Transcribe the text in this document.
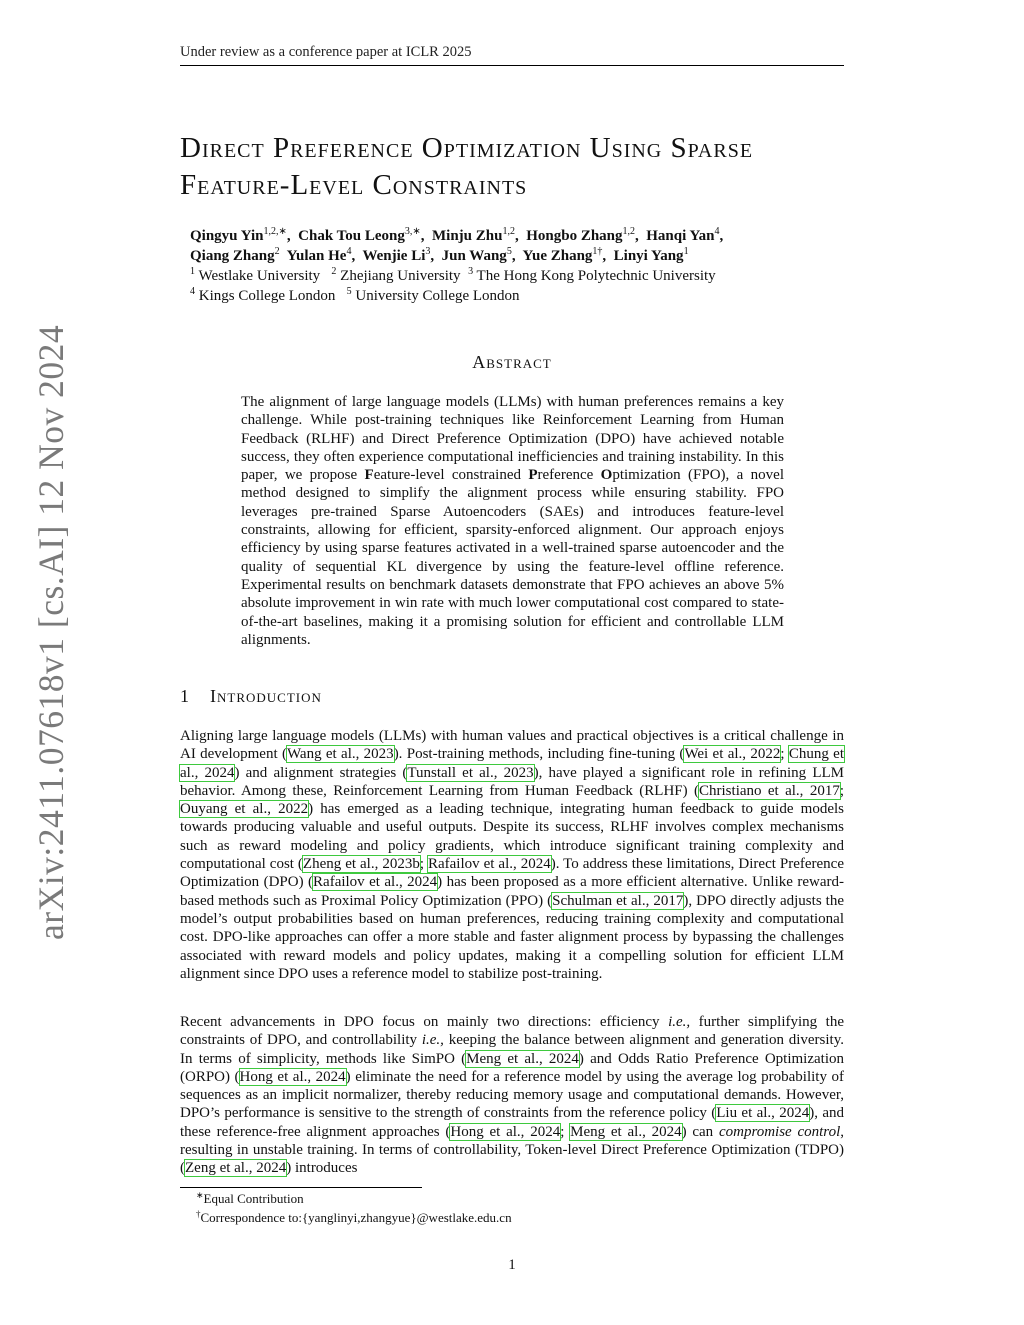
Under review as a conference paper at ICLR 2025
arXiv:2411.07618v1 [cs.AI] 12 Nov 2024
Direct Preference Optimization Using Sparse
Feature-Level Constraints
Qingyu Yin$^{1,2,∗}$,  Chak Tou Leong$^{3,∗}$,  Minju Zhu$^{1,2}$,  Hongbo Zhang$^{1,2}$,  Hanqi Yan$^4$,
Qiang Zhang$^2$ Yulan He$^4$,  Wenjie Li$^3$,  Jun Wang$^5$,  Yue Zhang$^{1\dagger}$,  Linyi Yang$^1$
$^1$ Westlake University $^2$ Zhejiang University $^3$ The Hong Kong Polytechnic University
$^4$ Kings College London $^5$ University College London
Abstract
The alignment of large language models (LLMs) with human preferences remains a key challenge. While post-training techniques like Reinforcement Learning from Human Feedback (RLHF) and Direct Preference Optimization (DPO) have achieved notable success, they often experience computational inefficiencies and training instability. In this paper, we propose Feature-level constrained Preference Optimization (FPO), a novel method designed to simplify the alignment process while ensuring stability. FPO leverages pre-trained Sparse Autoencoders (SAEs) and introduces feature-level constraints, allowing for efficient, sparsity-enforced alignment. Our approach enjoys efficiency by using sparse features activated in a well-trained sparse autoencoder and the quality of sequential KL divergence by using the feature-level offline reference. Experimental results on benchmark datasets demonstrate that FPO achieves an above 5% absolute improvement in win rate with much lower computational cost compared to state-of-the-art baselines, making it a promising solution for efficient and controllable LLM alignments.
1 Introduction
Aligning large language models (LLMs) with human values and practical objectives is a critical challenge in AI development (Wang et al., 2023). Post-training methods, including fine-tuning (Wei et al., 2022; Chung et al., 2024) and alignment strategies (Tunstall et al., 2023), have played a significant role in refining LLM behavior. Among these, Reinforcement Learning from Human Feedback (RLHF) (Christiano et al., 2017; Ouyang et al., 2022) has emerged as a leading technique, integrating human feedback to guide models towards producing valuable and useful outputs. Despite its success, RLHF involves complex mechanisms such as reward modeling and policy gradients, which introduce significant training complexity and computational cost (Zheng et al., 2023b; Rafailov et al., 2024). To address these limitations, Direct Preference Optimization (DPO) (Rafailov et al., 2024) has been proposed as a more efficient alternative. Unlike reward-based methods such as Proximal Policy Optimization (PPO) (Schulman et al., 2017), DPO directly adjusts the model’s output probabilities based on human preferences, reducing training complexity and computational cost. DPO-like approaches can offer a more stable and faster alignment process by bypassing the challenges associated with reward models and policy updates, making it a compelling solution for efficient LLM alignment since DPO uses a reference model to stabilize post-training.
Recent advancements in DPO focus on mainly two directions: efficiency i.e., further simplifying the constraints of DPO, and controllability i.e., keeping the balance between alignment and generation diversity. In terms of simplicity, methods like SimPO (Meng et al., 2024) and Odds Ratio Preference Optimization (ORPO) (Hong et al., 2024) eliminate the need for a reference model by using the average log probability of sequences as an implicit normalizer, thereby reducing memory usage and computational demands. However, DPO’s performance is sensitive to the strength of constraints from the reference policy (Liu et al., 2024), and these reference-free alignment approaches (Hong et al., 2024; Meng et al., 2024) can compromise control, resulting in unstable training. In terms of controllability, Token-level Direct Preference Optimization (TDPO) (Zeng et al., 2024) introduces
∗Equal Contribution
†Correspondence to:{yanglinyi,zhangyue}@westlake.edu.cn
1
